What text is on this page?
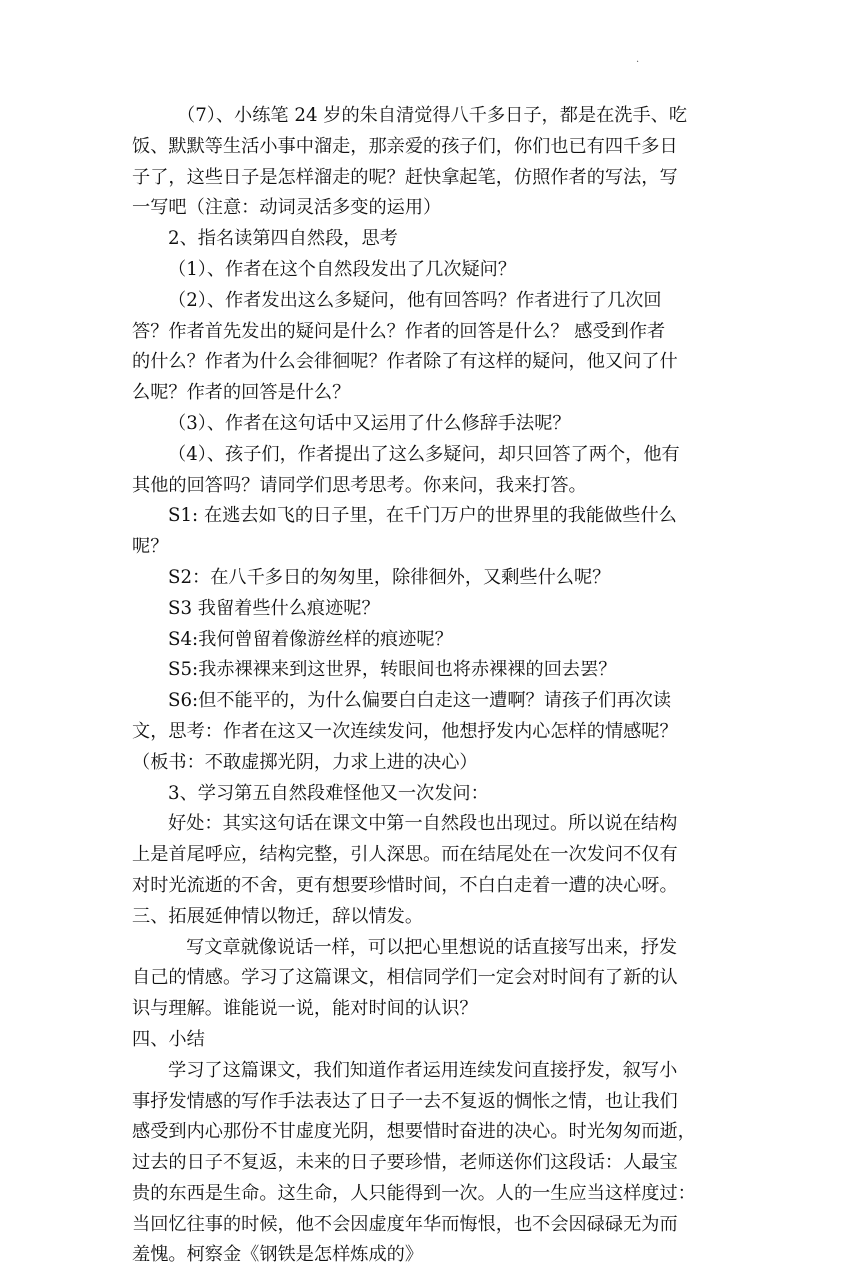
·
（7）、小练笔 24 岁的朱自清觉得八千多日子，都是在洗手、吃
饭、默默等生活小事中溜走，那亲爱的孩子们，你们也已有四千多日
子了，这些日子是怎样溜走的呢？赶快拿起笔，仿照作者的写法，写
一写吧（注意：动词灵活多变的运用）
2、指名读第四自然段，思考
（1）、作者在这个自然段发出了几次疑问？
（2）、作者发出这么多疑问，他有回答吗？作者进行了几次回
答？作者首先发出的疑问是什么？作者的回答是什么？ 感受到作者
的什么？作者为什么会徘徊呢？作者除了有这样的疑问，他又问了什
么呢？作者的回答是什么？
（3）、作者在这句话中又运用了什么修辞手法呢？
（4）、孩子们，作者提出了这么多疑问，却只回答了两个，他有
其他的回答吗？请同学们思考思考。你来问，我来打答。
S1: 在逃去如飞的日子里，在千门万户的世界里的我能做些什么
呢？
S2：在八千多日的匆匆里，除徘徊外，又剩些什么呢？
S3 我留着些什么痕迹呢？
S4:我何曾留着像游丝样的痕迹呢？
S5:我赤裸裸来到这世界，转眼间也将赤裸裸的回去罢？
S6:但不能平的，为什么偏要白白走这一遭啊？请孩子们再次读
文，思考：作者在这又一次连续发问，他想抒发内心怎样的情感呢？
（板书：不敢虚掷光阴，力求上进的决心）
3、学习第五自然段难怪他又一次发问：
好处：其实这句话在课文中第一自然段也出现过。所以说在结构
上是首尾呼应，结构完整，引人深思。而在结尾处在一次发问不仅有
对时光流逝的不舍，更有想要珍惜时间，不白白走着一遭的决心呀。
三、拓展延伸情以物迁，辞以情发。
写文章就像说话一样，可以把心里想说的话直接写出来，抒发
自己的情感。学习了这篇课文，相信同学们一定会对时间有了新的认
识与理解。谁能说一说，能对时间的认识？
四、小结
学习了这篇课文，我们知道作者运用连续发问直接抒发，叙写小
事抒发情感的写作手法表达了日子一去不复返的惆怅之情，也让我们
感受到内心那份不甘虚度光阴，想要惜时奋进的决心。时光匆匆而逝，
过去的日子不复返，未来的日子要珍惜，老师送你们这段话：人最宝
贵的东西是生命。这生命，人只能得到一次。人的一生应当这样度过：
当回忆往事的时候，他不会因虚度年华而悔恨，也不会因碌碌无为而
羞愧。柯察金《钢铁是怎样炼成的》
